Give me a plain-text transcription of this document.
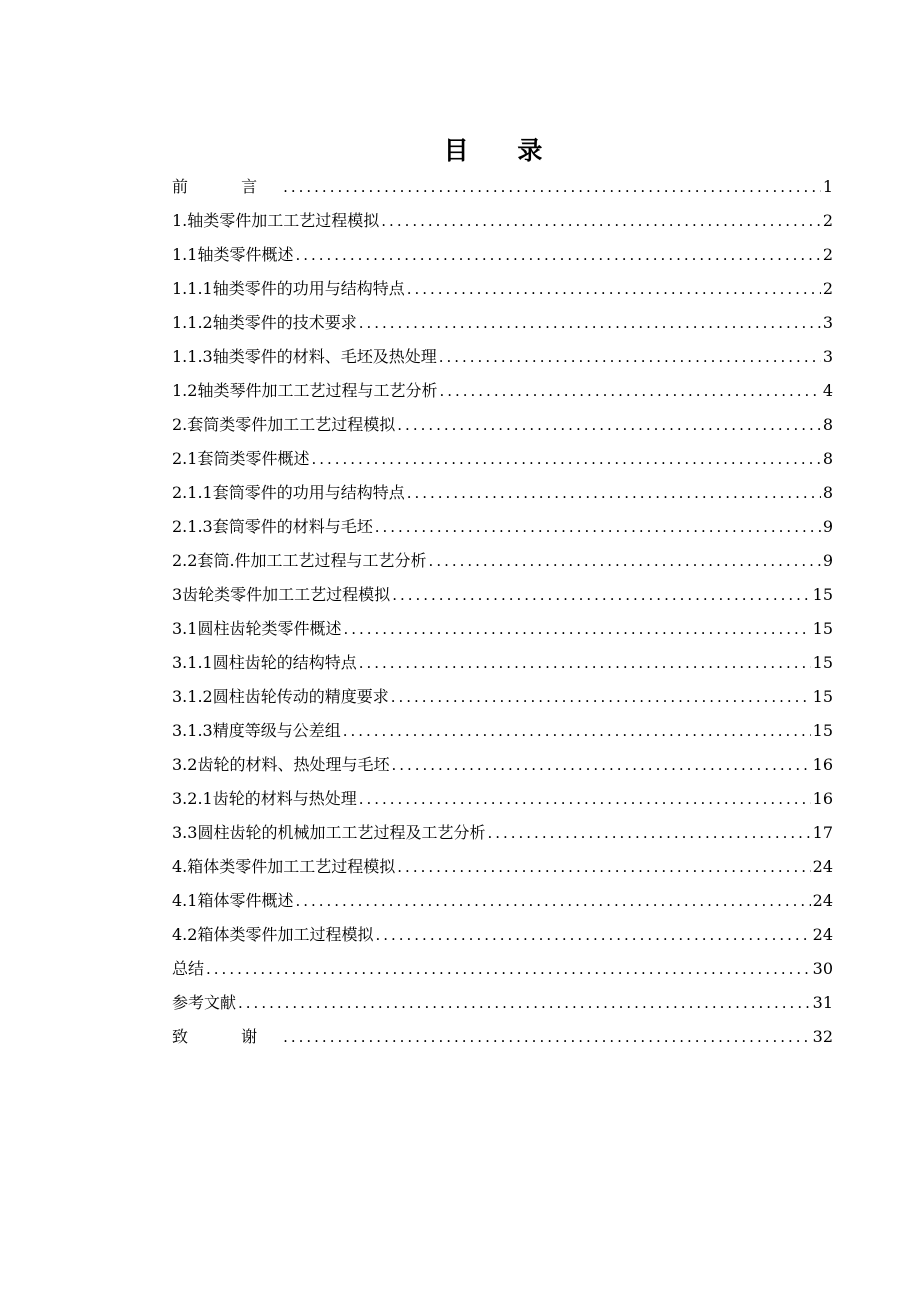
目 录
前 言 .....	1
1.轴类零件加工工艺过程模拟 .....	2
1.1轴类零件概述 .....	2
1.1.1轴类零件的功用与结构特点 .....	2
1.1.2轴类零件的技术要求 .....	3
1.1.3轴类零件的材料、毛坯及热处理 .....	3
1.2轴类琴件加工工艺过程与工艺分析 .....	4
2.套筒类零件加工工艺过程模拟 .....	8
2.1套筒类零件概述 .....	8
2.1.1套筒零件的功用与结构特点 .....	8
2.1.3套筒零件的材料与毛坯 .....	9
2.2套筒.件加工工艺过程与工艺分析 .....	9
3齿轮类零件加工工艺过程模拟 .....	15
3.1圆柱齿轮类零件概述 .....	15
3.1.1圆柱齿轮的结构特点 .....	15
3.1.2圆柱齿轮传动的精度要求 .....	15
3.1.3精度等级与公差组 .....	15
3.2齿轮的材料、热处理与毛坯 .....	16
3.2.1齿轮的材料与热处理 .....	16
3.3圆柱齿轮的机械加工工艺过程及工艺分析 .....	17
4.箱体类零件加工工艺过程模拟 .....	24
4.1箱体零件概述 .....	24
4.2箱体类零件加工过程模拟 .....	24
总结 .....	30
参考文献 .....	31
致 谢 .....	32
